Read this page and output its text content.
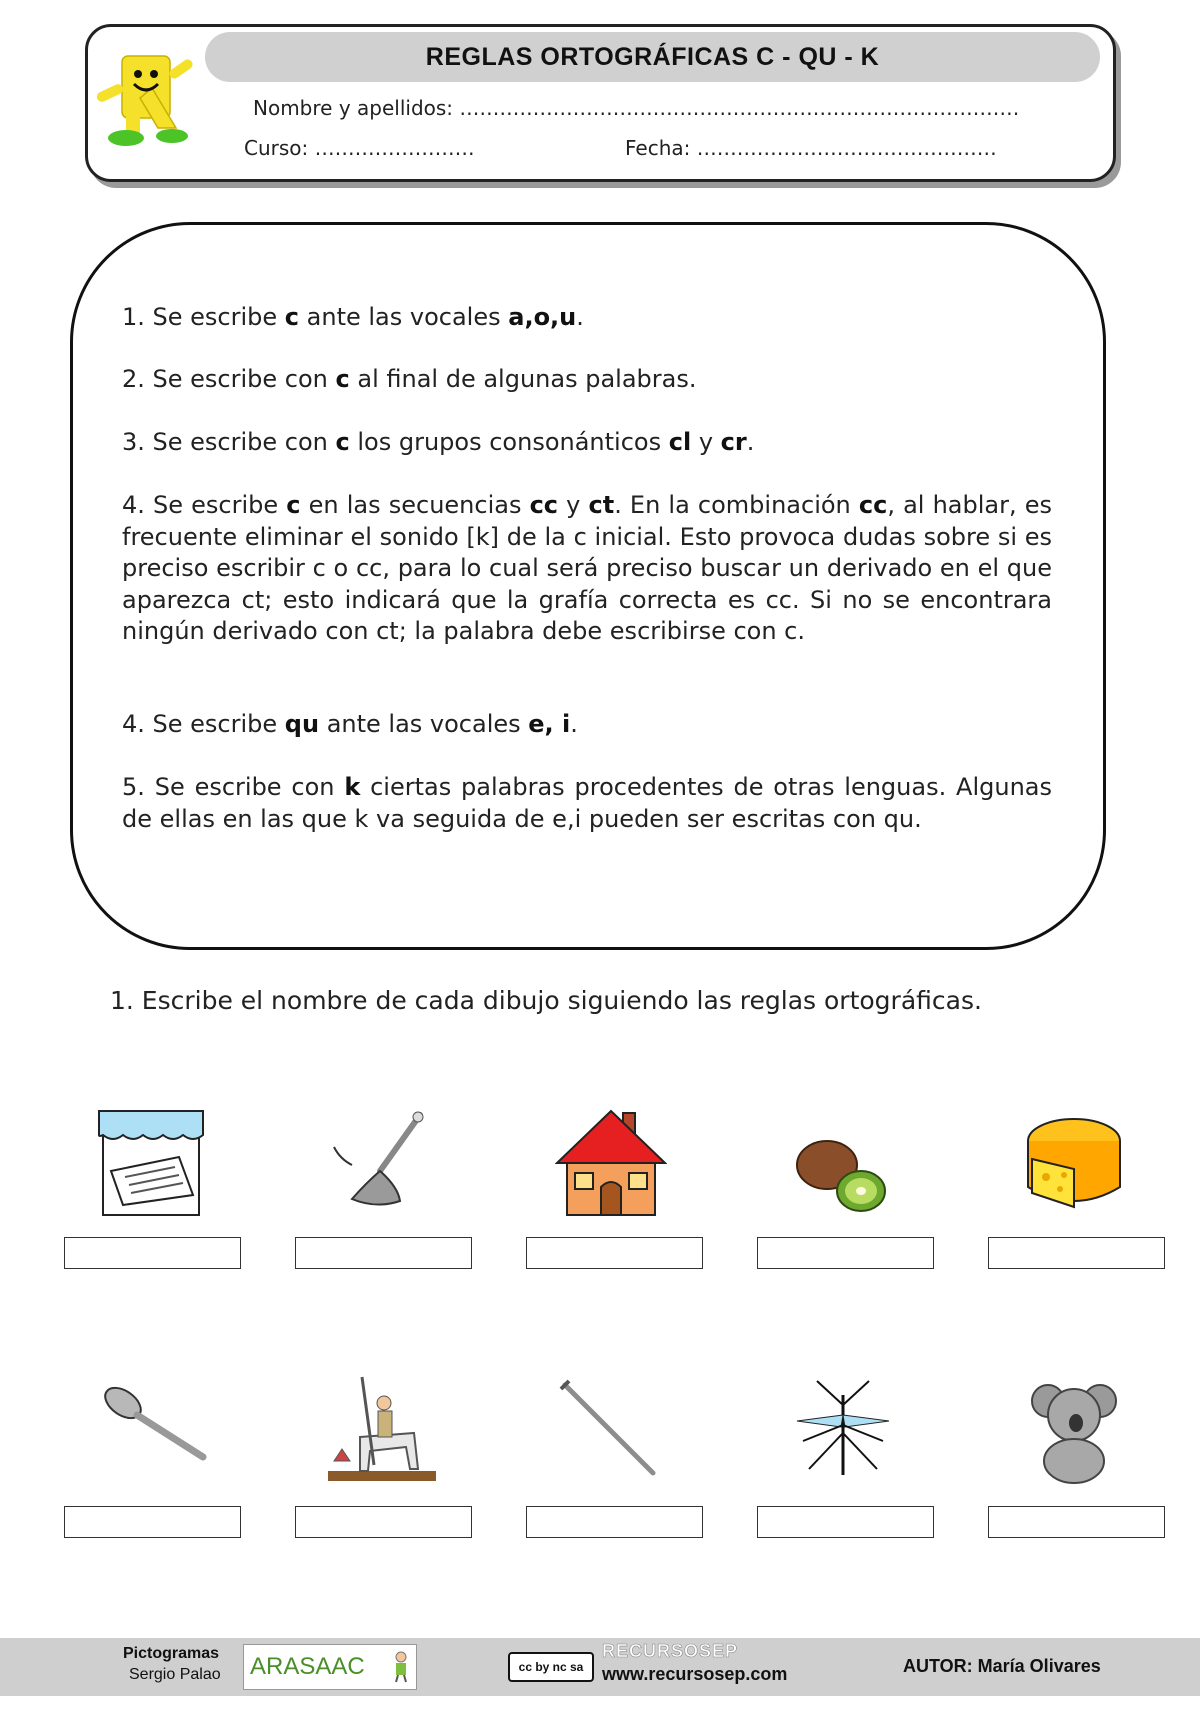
REGLAS ORTOGRÁFICAS C - QU - K
Nombre y apellidos: …………………………………………………………………………
Curso: ……………………	Fecha: ………………………………………
1. Se escribe c ante las vocales a,o,u.
2. Se escribe con c al final de algunas palabras.
3. Se escribe con c los grupos consonánticos cl y cr.
4. Se escribe c en las secuencias cc y ct. En la combinación cc, al hablar, es frecuente eliminar el sonido [k] de la c inicial. Esto provoca dudas sobre si es preciso escribir c o cc, para lo cual será preciso buscar un derivado en el que aparezca ct; esto indicará que la grafía correcta es cc. Si no se encontrara ningún derivado con ct; la palabra debe escribirse con c.
4. Se escribe qu ante las vocales e, i.
5. Se escribe con k ciertas palabras procedentes de otras lenguas. Algunas de ellas en las que k va seguida de e,i pueden ser escritas con qu.
1. Escribe el nombre de cada dibujo siguiendo las reglas ortográficas.
Pictogramas
Sergio Palao ARASAAC	cc by nc sa
RECURSOSEP
www.recursosep.com	AUTOR: María Olivares
